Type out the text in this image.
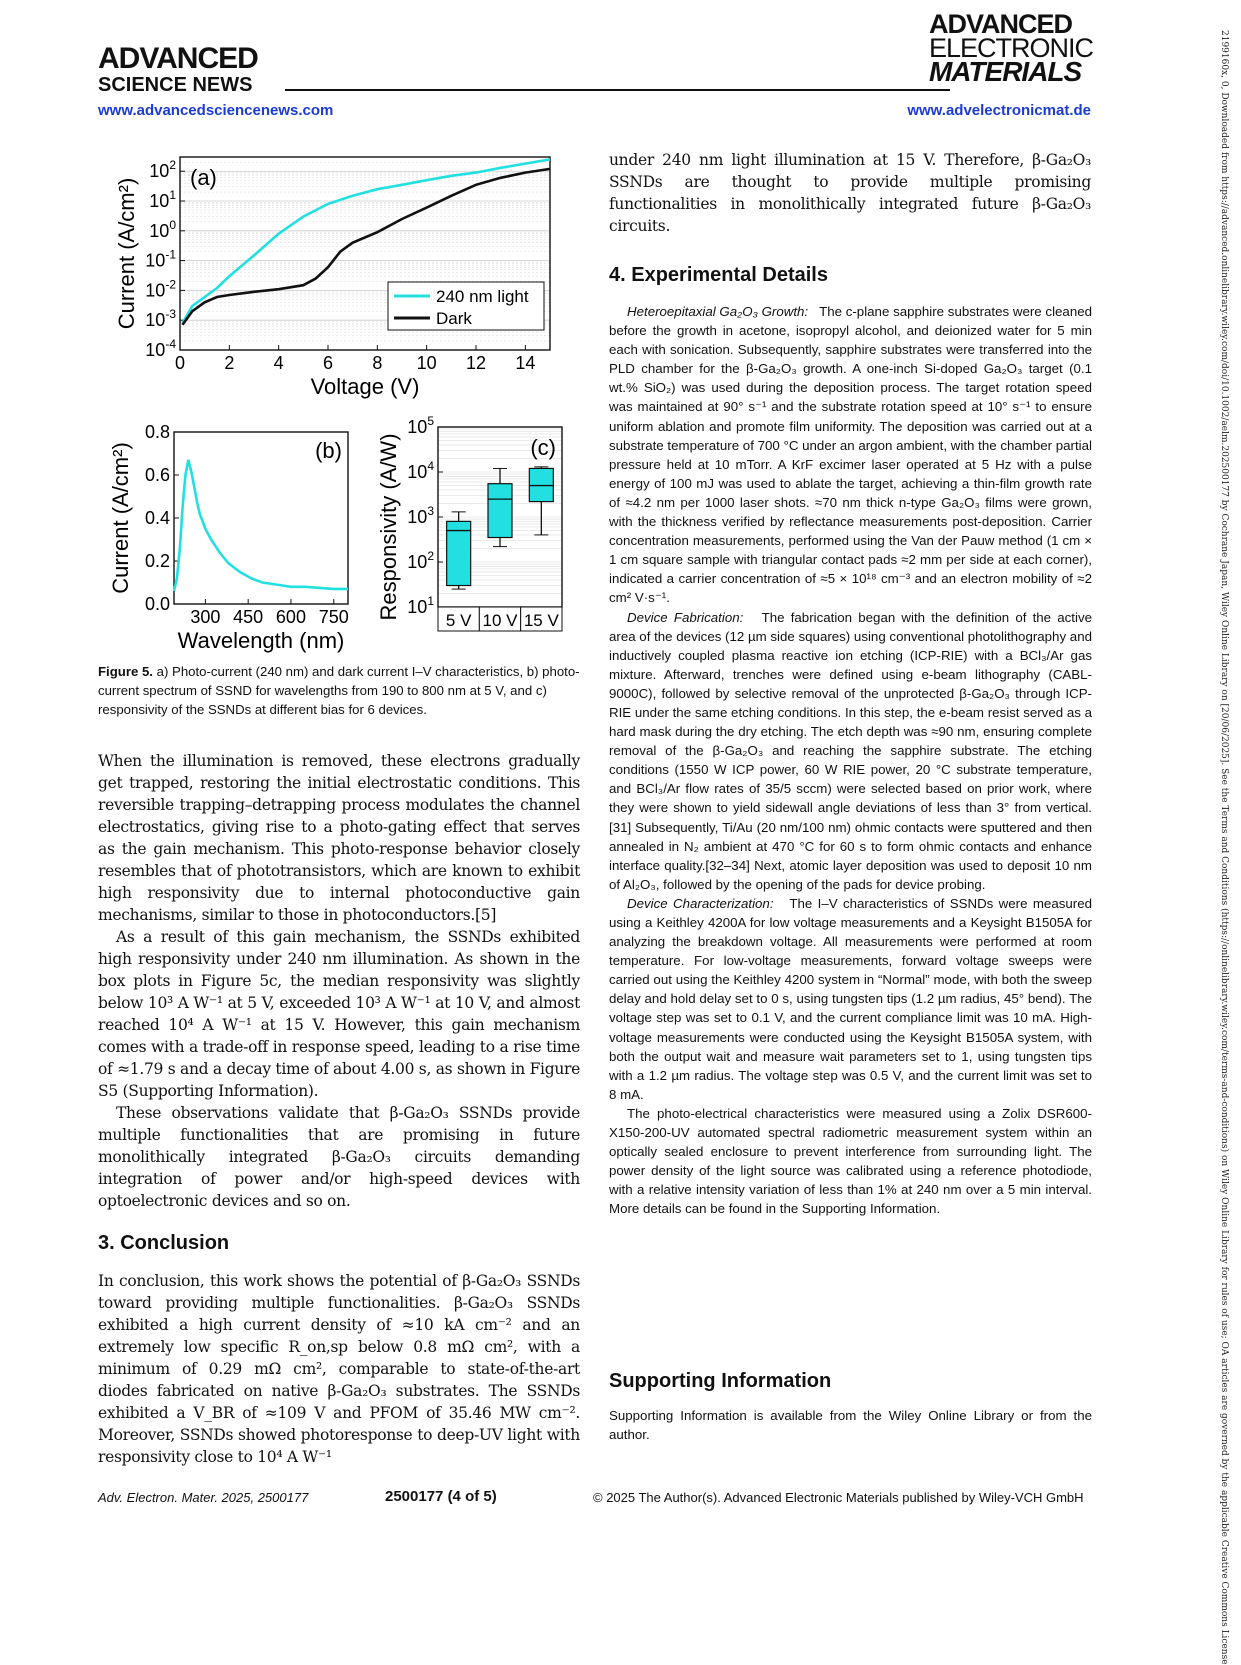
ADVANCED
SCIENCE NEWS
ADVANCED
ELECTRONIC
MATERIALS
www.advancedsciencenews.com	www.advelectronicmat.de	2199160x, 0, Downloaded from https://advanced.onlinelibrary.wiley.com/doi/10.1002/aelm.202500177 by Cochrane Japan, Wiley Online Library on [20/06/2025]. See the Terms and Conditions (https://onlinelibrary.wiley.com/terms-and-conditions) on Wiley Online Library for rules of use; OA articles are governed by the applicable Creative Commons License
0 2 4 6 8 10 12 14
$10^{-4}$
$10^{-3}$
$10^{-2}$
$10^{-1}$
$10^0$
$10^1$
$10^2$ (a)
Voltage (V)
Current (A/cm²)	240 nm light
Dark
0.0
0.2
0.4
0.6
0.8
300 450 600 750
(b)
Wavelength (nm)
Current (A/cm²)
$10^1$
$10^2$
$10^3$
$10^4$
$10^5$
5 V 10 V 15 V
(c)
Responsivity (A/W)
Figure 5. a) Photo-current (240 nm) and dark current I–V characteristics, b) photo-current spectrum of SSND for wavelengths from 190 to 800 nm at 5 V, and c) responsivity of the SSNDs at different bias for 6 devices.
When the illumination is removed, these electrons gradually get trapped, restoring the initial electrostatic conditions. This reversible trapping–detrapping process modulates the channel electrostatics, giving rise to a photo-gating effect that serves as the gain mechanism. This photo-response behavior closely resembles that of phototransistors, which are known to exhibit high responsivity due to internal photoconductive gain mechanisms, similar to those in photoconductors.[5]
As a result of this gain mechanism, the SSNDs exhibited high responsivity under 240 nm illumination. As shown in the box plots in Figure 5c, the median responsivity was slightly below 10³ A W⁻¹ at 5 V, exceeded 10³ A W⁻¹ at 10 V, and almost reached 10⁴ A W⁻¹ at 15 V. However, this gain mechanism comes with a trade-off in response speed, leading to a rise time of ≈1.79 s and a decay time of about 4.00 s, as shown in Figure S5 (Supporting Information).
These observations validate that β-Ga₂O₃ SSNDs provide multiple functionalities that are promising in future monolithically integrated β-Ga₂O₃ circuits demanding integration of power and/or high-speed devices with optoelectronic devices and so on.
3. Conclusion
In conclusion, this work shows the potential of β-Ga₂O₃ SSNDs toward providing multiple functionalities. β-Ga₂O₃ SSNDs exhibited a high current density of ≈10 kA cm⁻² and an extremely low specific R_on,sp below 0.8 mΩ cm², with a minimum of 0.29 mΩ cm², comparable to state-of-the-art diodes fabricated on native β-Ga₂O₃ substrates. The SSNDs exhibited a V_BR of ≈109 V and PFOM of 35.46 MW cm⁻². Moreover, SSNDs showed photoresponse to deep-UV light with responsivity close to 10⁴ A W⁻¹
under 240 nm light illumination at 15 V. Therefore, β-Ga₂O₃ SSNDs are thought to provide multiple promising functionalities in monolithically integrated future β-Ga₂O₃ circuits.
4. Experimental Details
Heteroepitaxial Ga₂O₃ Growth: The c-plane sapphire substrates were cleaned before the growth in acetone, isopropyl alcohol, and deionized water for 5 min each with sonication. Subsequently, sapphire substrates were transferred into the PLD chamber for the β-Ga₂O₃ growth. A one-inch Si-doped Ga₂O₃ target (0.1 wt.% SiO₂) was used during the deposition process. The target rotation speed was maintained at 90° s⁻¹ and the substrate rotation speed at 10° s⁻¹ to ensure uniform ablation and promote film uniformity. The deposition was carried out at a substrate temperature of 700 °C under an argon ambient, with the chamber partial pressure held at 10 mTorr. A KrF excimer laser operated at 5 Hz with a pulse energy of 100 mJ was used to ablate the target, achieving a thin-film growth rate of ≈4.2 nm per 1000 laser shots. ≈70 nm thick n-type Ga₂O₃ films were grown, with the thickness verified by reflectance measurements post-deposition. Carrier concentration measurements, performed using the Van der Pauw method (1 cm × 1 cm square sample with triangular contact pads ≈2 mm per side at each corner), indicated a carrier concentration of ≈5 × 10¹⁸ cm⁻³ and an electron mobility of ≈2 cm² V·s⁻¹.
Device Fabrication: The fabrication began with the definition of the active area of the devices (12 µm side squares) using conventional photolithography and inductively coupled plasma reactive ion etching (ICP-RIE) with a BCl₃/Ar gas mixture. Afterward, trenches were defined using e-beam lithography (CABL-9000C), followed by selective removal of the unprotected β-Ga₂O₃ through ICP-RIE under the same etching conditions. In this step, the e-beam resist served as a hard mask during the dry etching. The etch depth was ≈90 nm, ensuring complete removal of the β-Ga₂O₃ and reaching the sapphire substrate. The etching conditions (1550 W ICP power, 60 W RIE power, 20 °C substrate temperature, and BCl₃/Ar flow rates of 35/5 sccm) were selected based on prior work, where they were shown to yield sidewall angle deviations of less than 3° from vertical.[31] Subsequently, Ti/Au (20 nm/100 nm) ohmic contacts were sputtered and then annealed in N₂ ambient at 470 °C for 60 s to form ohmic contacts and enhance interface quality.[32–34] Next, atomic layer deposition was used to deposit 10 nm of Al₂O₃, followed by the opening of the pads for device probing.
Device Characterization: The I–V characteristics of SSNDs were measured using a Keithley 4200A for low voltage measurements and a Keysight B1505A for analyzing the breakdown voltage. All measurements were performed at room temperature. For low-voltage measurements, forward voltage sweeps were carried out using the Keithley 4200 system in “Normal” mode, with both the sweep delay and hold delay set to 0 s, using tungsten tips (1.2 µm radius, 45° bend). The voltage step was set to 0.1 V, and the current compliance limit was 10 mA. High-voltage measurements were conducted using the Keysight B1505A system, with both the output wait and measure wait parameters set to 1, using tungsten tips with a 1.2 µm radius. The voltage step was 0.5 V, and the current limit was set to 8 mA.
The photo-electrical characteristics were measured using a Zolix DSR600-X150-200-UV automated spectral radiometric measurement system within an optically sealed enclosure to prevent interference from surrounding light. The power density of the light source was calibrated using a reference photodiode, with a relative intensity variation of less than 1% at 240 nm over a 5 min interval. More details can be found in the Supporting Information.
Supporting Information
Supporting Information is available from the Wiley Online Library or from the author.
Adv. Electron. Mater. 2025, 2500177	2500177 (4 of 5)	© 2025 The Author(s). Advanced Electronic Materials published by Wiley-VCH GmbH
